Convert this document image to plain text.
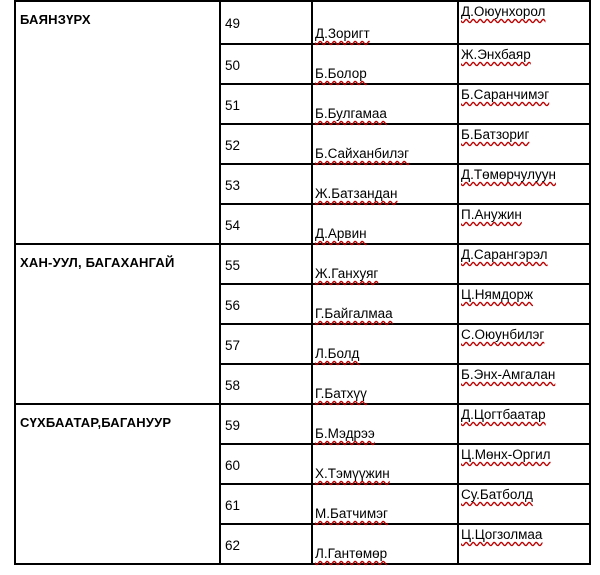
БАЯНЗҮРХ	49	Д.Зоригт	Д.Оюунхорол
	50	Б.Болор	Ж.Энхбаяр
	51	Б.Булгамаа	Б.Саранчимэг
	52	Б.Сайханбилэг	Б.Батзориг
	53	Ж.Батзандан	Д.Төмөрчулуун
	54	Д.Арвин	П.Анужин
ХАН-УУЛ, БАГАХАНГАЙ	55	Ж.Ганхуяг	Д.Сарангэрэл
	56	Г.Байгалмаа	Ц.Нямдорж
	57	Л.Болд	С.Оюунбилэг
	58	Г.Батхүү	Б.Энх-Амгалан
СҮХБААТАР,БАГАНУУР	59	Б.Мэдрээ	Д.Цогтбаатар
	60	Х.Тэмүүжин	Ц.Мөнх-Оргил
	61	М.Батчимэг	Су.Батболд
	62	Л.Гантөмөр	Ц.Цогзолмаа
